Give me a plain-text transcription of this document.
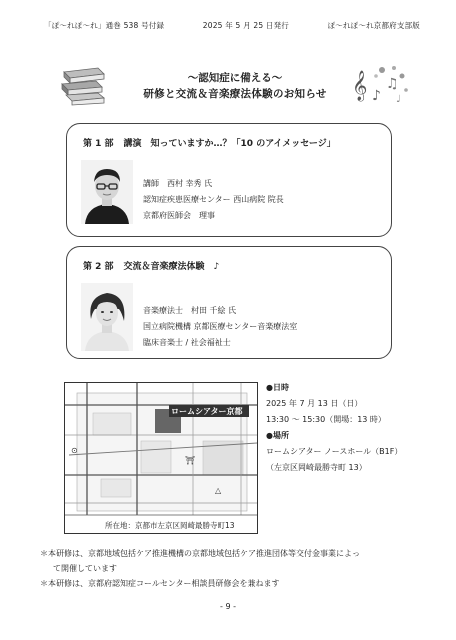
「ぽ～れぽ～れ」通巻 538 号付録	2025 年 5 月 25 日発行	ぽ～れぽ～れ京都府支部版
～認知症に備える～
研修と交流＆音楽療法体験のお知らせ 𝄞 ♪
♫
♩
第 1 部 講演　知っていますか…？「10 のアイメッセージ」
講師　西村 幸秀 氏
認知症疾患医療センター 西山病院 院長
京都府医師会　理事
第 2 部 交流＆音楽療法体験　♪
音楽療法士　村田 千絵 氏
国立病院機構 京都医療センター音楽療法室
臨床音楽士 / 社会福祉士
ロームシアター京都
⊙
⛩
△
所在地：京都市左京区岡崎最勝寺町13
●日時
2025 年 7 月 13 日（日）
13:30 ～ 15:30（開場：13 時）
●場所
ロームシアター ノースホール（B1F）
（左京区岡崎最勝寺町 13）
＊本研修は、京都地域包括ケア推進機構の京都地域包括ケア推進団体等交付金事業によっ
て開催しています
＊本研修は、京都府認知症コールセンター相談員研修会を兼ねます
- 9 -
